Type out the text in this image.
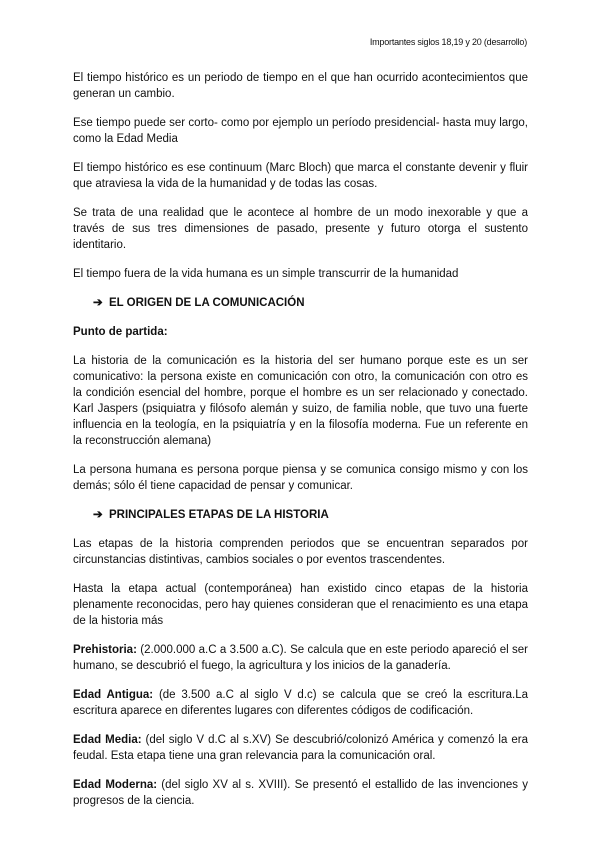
Importantes siglos 18,19 y 20 (desarrollo)

El tiempo histórico es un periodo de tiempo en el que han ocurrido acontecimientos que generan un cambio.

Ese tiempo puede ser corto- como por ejemplo un período presidencial- hasta muy largo, como la Edad Media

El tiempo histórico es ese continuum (Marc Bloch) que marca el constante devenir y fluir que atraviesa la vida de la humanidad y de todas las cosas.

Se trata de una realidad que le acontece al hombre de un modo inexorable y que a través de sus tres dimensiones de pasado, presente y futuro otorga el sustento identitario.

El tiempo fuera de la vida humana es un simple transcurrir de la humanidad

➔ EL ORIGEN DE LA COMUNICACIÓN

Punto de partida:

La historia de la comunicación es la historia del ser humano porque este es un ser comunicativo: la persona existe en comunicación con otro, la comunicación con otro es la condición esencial del hombre, porque el hombre es un ser relacionado y conectado. Karl Jaspers (psiquiatra y filósofo alemán y suizo, de familia noble, que tuvo una fuerte influencia en la teología, en la psiquiatría y en la filosofía moderna. Fue un referente en la reconstrucción alemana)

La persona humana es persona porque piensa y se comunica consigo mismo y con los demás; sólo él tiene capacidad de pensar y comunicar.

➔ PRINCIPALES ETAPAS DE LA HISTORIA

Las etapas de la historia comprenden periodos que se encuentran separados por circunstancias distintivas, cambios sociales o por eventos trascendentes.

Hasta la etapa actual (contemporánea) han existido cinco etapas de la historia plenamente reconocidas, pero hay quienes consideran que el renacimiento es una etapa de la historia más

Prehistoria: (2.000.000 a.C a 3.500 a.C). Se calcula que en este periodo apareció el ser humano, se descubrió el fuego, la agricultura y los inicios de la ganadería.

Edad Antigua: (de 3.500 a.C al siglo V d.c) se calcula que se creó la escritura.La escritura aparece en diferentes lugares con diferentes códigos de codificación.

Edad Media: (del siglo V d.C al s.XV) Se descubrió/colonizó América y comenzó la era feudal. Esta etapa tiene una gran relevancia para la comunicación oral.

Edad Moderna: (del siglo XV al s. XVIII). Se presentó el estallido de las invenciones y progresos de la ciencia.
